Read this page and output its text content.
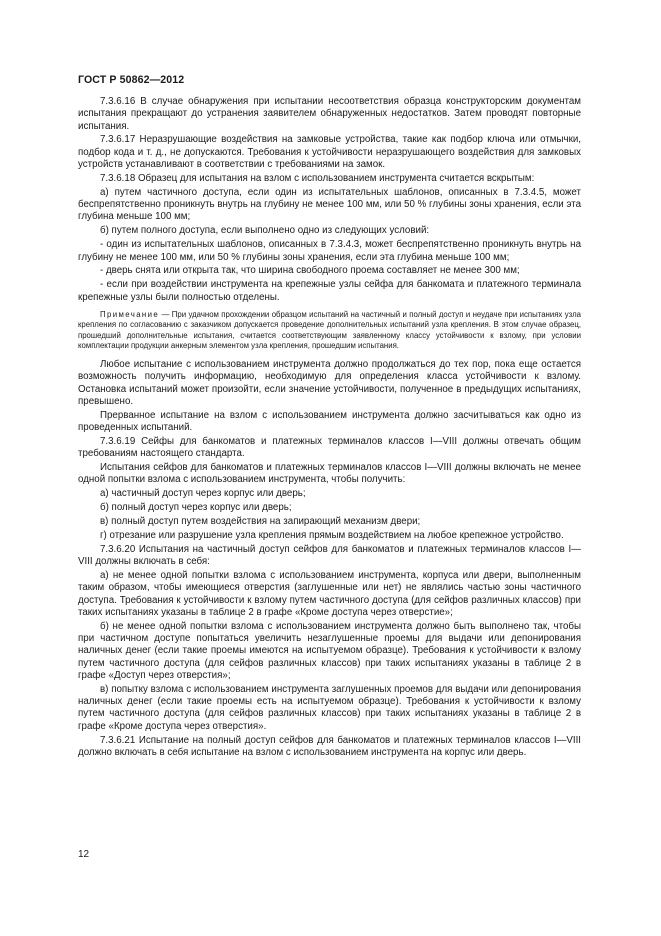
ГОСТ Р 50862—2012

7.3.6.16 В случае обнаружения при испытании несоответствия образца конструкторским документам испытания прекращают до устранения заявителем обнаруженных недостатков. Затем проводят повторные испытания.

7.3.6.17 Неразрушающие воздействия на замковые устройства, такие как подбор ключа или отмычки, подбор кода и т. д., не допускаются. Требования к устойчивости неразрушающего воздействия для замковых устройств устанавливают в соответствии с требованиями на замок.

7.3.6.18 Образец для испытания на взлом с использованием инструмента считается вскрытым:

а) путем частичного доступа, если один из испытательных шаблонов, описанных в 7.3.4.5, может беспрепятственно проникнуть внутрь на глубину не менее 100 мм, или 50 % глубины зоны хранения, если эта глубина меньше 100 мм;

б) путем полного доступа, если выполнено одно из следующих условий:

- один из испытательных шаблонов, описанных в 7.3.4.3, может беспрепятственно проникнуть внутрь на глубину не менее 100 мм, или 50 % глубины зоны хранения, если эта глубина меньше 100 мм;

- дверь снята или открыта так, что ширина свободного проема составляет не менее 300 мм;

- если при воздействии инструмента на крепежные узлы сейфа для банкомата и платежного терминала крепежные узлы были полностью отделены.

Примечание — При удачном прохождении образцом испытаний на частичный и полный доступ и неудаче при испытаниях узла крепления по согласованию с заказчиком допускается проведение дополнительных испытаний узла крепления. В этом случае образец, прошедший дополнительные испытания, считается соответствующим заявленному классу устойчивости к взлому, при условии комплектации продукции анкерным элементом узла крепления, прошедшим испытания.

Любое испытание с использованием инструмента должно продолжаться до тех пор, пока еще остается возможность получить информацию, необходимую для определения класса устойчивости к взлому. Остановка испытаний может произойти, если значение устойчивости, полученное в предыдущих испытаниях, превышено.

Прерванное испытание на взлом с использованием инструмента должно засчитываться как одно из проведенных испытаний.

7.3.6.19 Сейфы для банкоматов и платежных терминалов классов I—VIII должны отвечать общим требованиям настоящего стандарта.

Испытания сейфов для банкоматов и платежных терминалов классов I—VIII должны включать не менее одной попытки взлома с использованием инструмента, чтобы получить:

а) частичный доступ через корпус или дверь;

б) полный доступ через корпус или дверь;

в) полный доступ путем воздействия на запирающий механизм двери;

г) отрезание или разрушение узла крепления прямым воздействием на любое крепежное устройство.

7.3.6.20 Испытания на частичный доступ сейфов для банкоматов и платежных терминалов классов I—VIII должны включать в себя:

а) не менее одной попытки взлома с использованием инструмента, корпуса или двери, выполненным таким образом, чтобы имеющиеся отверстия (заглушенные или нет) не являлись частью зоны частичного доступа. Требования к устойчивости к взлому путем частичного доступа (для сейфов различных классов) при таких испытаниях указаны в таблице 2 в графе «Кроме доступа через отверстие»;

б) не менее одной попытки взлома с использованием инструмента должно быть выполнено так, чтобы при частичном доступе попытаться увеличить незаглушенные проемы для выдачи или депонирования наличных денег (если такие проемы имеются на испытуемом образце). Требования к устойчивости к взлому путем частичного доступа (для сейфов различных классов) при таких испытаниях указаны в таблице 2 в графе «Доступ через отверстия»;

в) попытку взлома с использованием инструмента заглушенных проемов для выдачи или депонирования наличных денег (если такие проемы есть на испытуемом образце). Требования к устойчивости к взлому путем частичного доступа (для сейфов различных классов) при таких испытаниях указаны в таблице 2 в графе «Кроме доступа через отверстия».

7.3.6.21 Испытание на полный доступ сейфов для банкоматов и платежных терминалов классов I—VIII должно включать в себя испытание на взлом с использованием инструмента на корпус или дверь.

12
